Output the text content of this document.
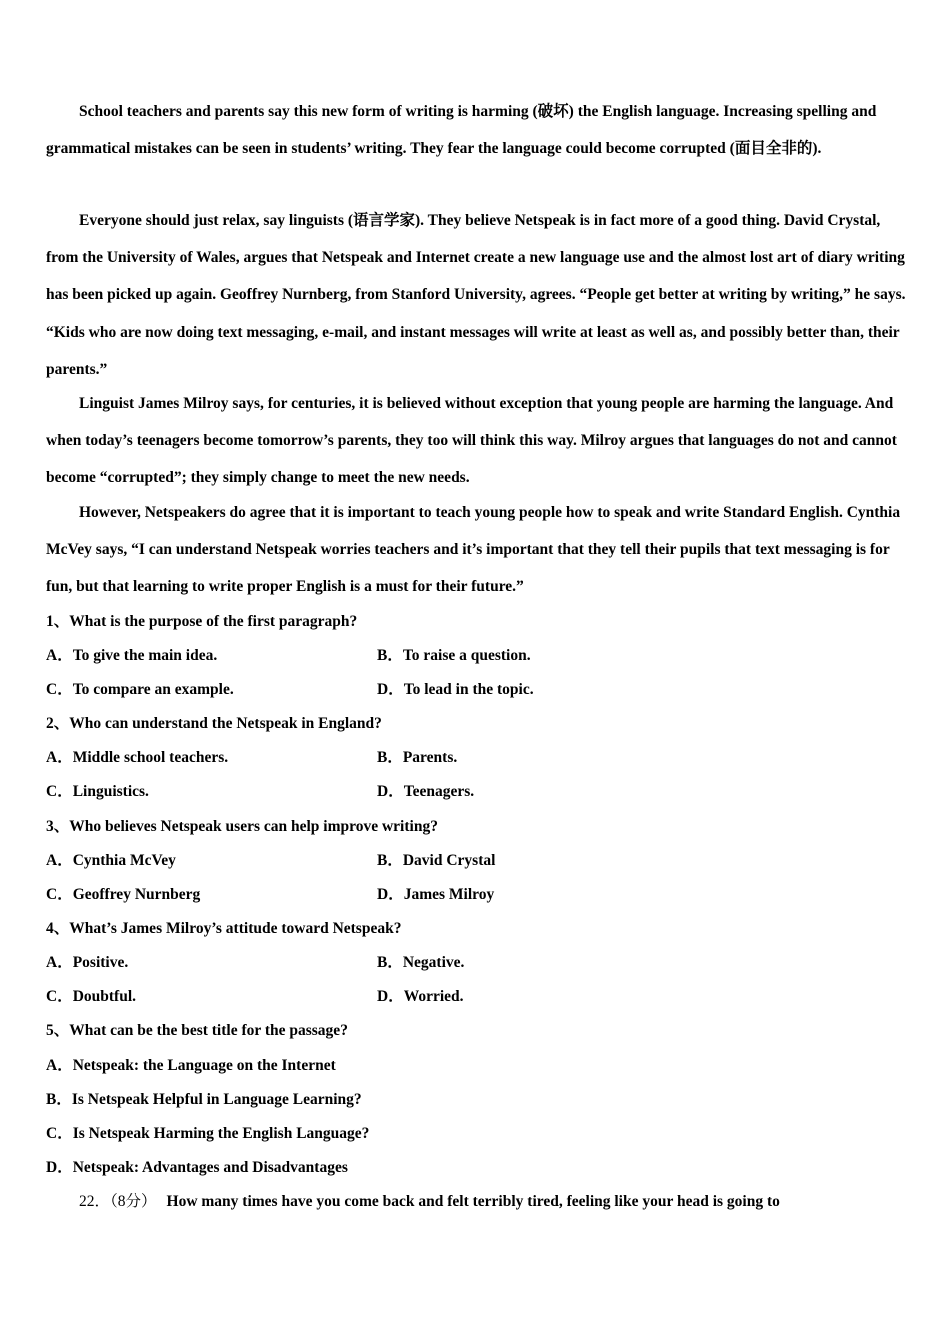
School teachers and parents say this new form of writing is harming (破坏) the English language. Increasing spelling and grammatical mistakes can be seen in students’ writing. They fear the language could become corrupted (面目全非的).

Everyone should just relax, say linguists (语言学家). They believe Netspeak is in fact more of a good thing. David Crystal, from the University of Wales, argues that Netspeak and Internet create a new language use and the almost lost art of diary writing has been picked up again. Geoffrey Nurnberg, from Stanford University, agrees. “People get better at writing by writing,” he says. “Kids who are now doing text messaging, e-mail, and instant messages will write at least as well as, and possibly better than, their parents.”

Linguist James Milroy says, for centuries, it is believed without exception that young people are harming the language. And when today’s teenagers become tomorrow’s parents, they too will think this way. Milroy argues that languages do not and cannot become “corrupted”; they simply change to meet the new needs.

However, Netspeakers do agree that it is important to teach young people how to speak and write Standard English. Cynthia McVey says, “I can understand Netspeak worries teachers and it’s important that they tell their pupils that text messaging is for fun, but that learning to write proper English is a must for their future.”

1、What is the purpose of the first paragraph?
A．To give the main idea.	B．To raise a question.
C．To compare an example.	D．To lead in the topic.
2、Who can understand the Netspeak in England?
A．Middle school teachers.	B．Parents.
C．Linguistics.	D．Teenagers.
3、Who believes Netspeak users can help improve writing?
A．Cynthia McVey	B．David Crystal
C．Geoffrey Nurnberg	D．James Milroy
4、What’s James Milroy’s attitude toward Netspeak?
A．Positive.	B．Negative.
C．Doubtful.	D．Worried.
5、What can be the best title for the passage?
A．Netspeak: the Language on the Internet
B．Is Netspeak Helpful in Language Learning?
C．Is Netspeak Harming the English Language?
D．Netspeak: Advantages and Disadvantages
22．（8分） How many times have you come back and felt terribly tired, feeling like your head is going to
